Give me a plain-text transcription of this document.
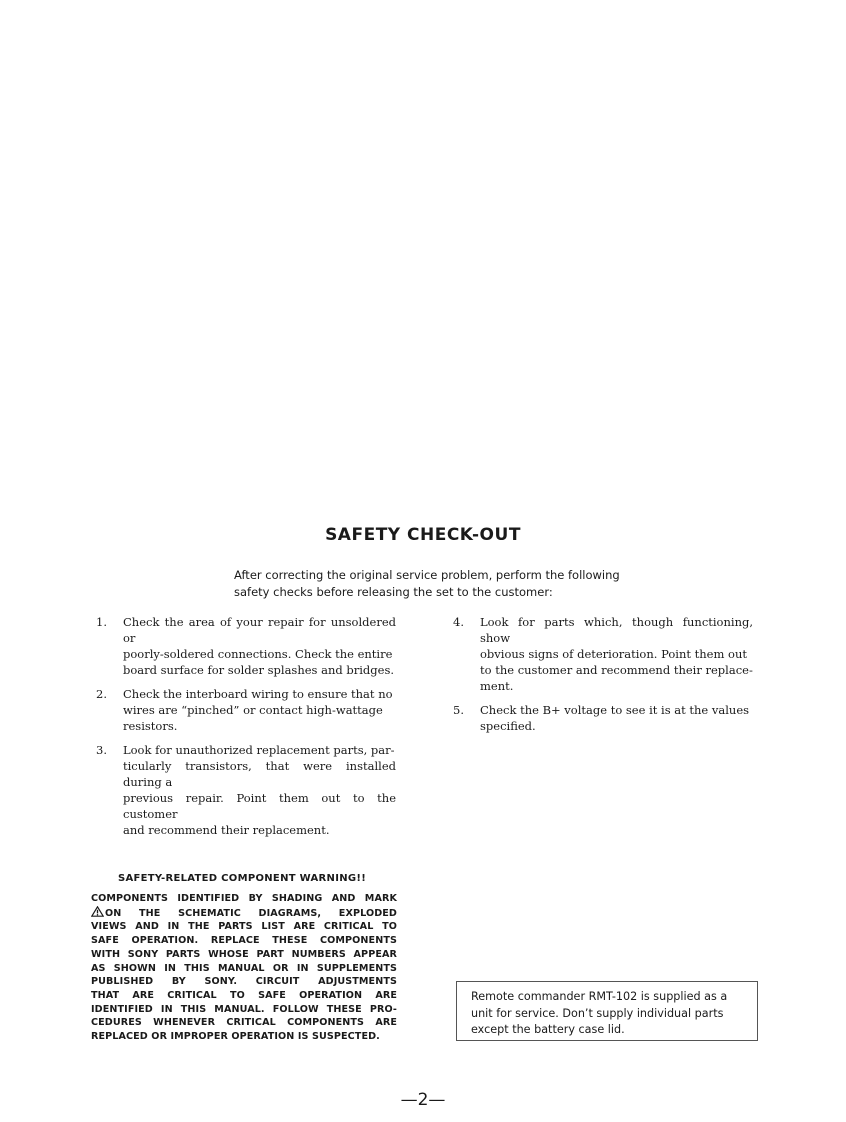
SAFETY CHECK-OUT

After correcting the original service problem, perform the following

safety checks before releasing the set to the customer:

1.	Check the area of your repair for unsoldered or
poorly-soldered connections. Check the entire
board surface for solder splashes and bridges.
2.	Check the interboard wiring to ensure that no
wires are “pinched” or contact high-wattage
resistors.
3.	Look for unauthorized replacement parts, par-
ticularly transistors, that were installed during a
previous repair. Point them out to the customer
and recommend their replacement.
4.	Look for parts which, though functioning, show
obvious signs of deterioration. Point them out
to the customer and recommend their replace-
ment.
5.	Check the B+ voltage to see it is at the values
specified.
SAFETY-RELATED COMPONENT WARNING!!
COMPONENTS IDENTIFIED BY SHADING AND MARK
ON THE SCHEMATIC DIAGRAMS, EXPLODED
VIEWS AND IN THE PARTS LIST ARE CRITICAL TO
SAFE OPERATION. REPLACE THESE COMPONENTS
WITH SONY PARTS WHOSE PART NUMBERS APPEAR
AS SHOWN IN THIS MANUAL OR IN SUPPLEMENTS
PUBLISHED BY SONY. CIRCUIT ADJUSTMENTS
THAT ARE CRITICAL TO SAFE OPERATION ARE
IDENTIFIED IN THIS MANUAL. FOLLOW THESE PRO-
CEDURES WHENEVER CRITICAL COMPONENTS ARE
REPLACED OR IMPROPER OPERATION IS SUSPECTED.
Remote commander RMT-102 is supplied as a
unit for service. Don’t supply individual parts
except the battery case lid.
—2—
